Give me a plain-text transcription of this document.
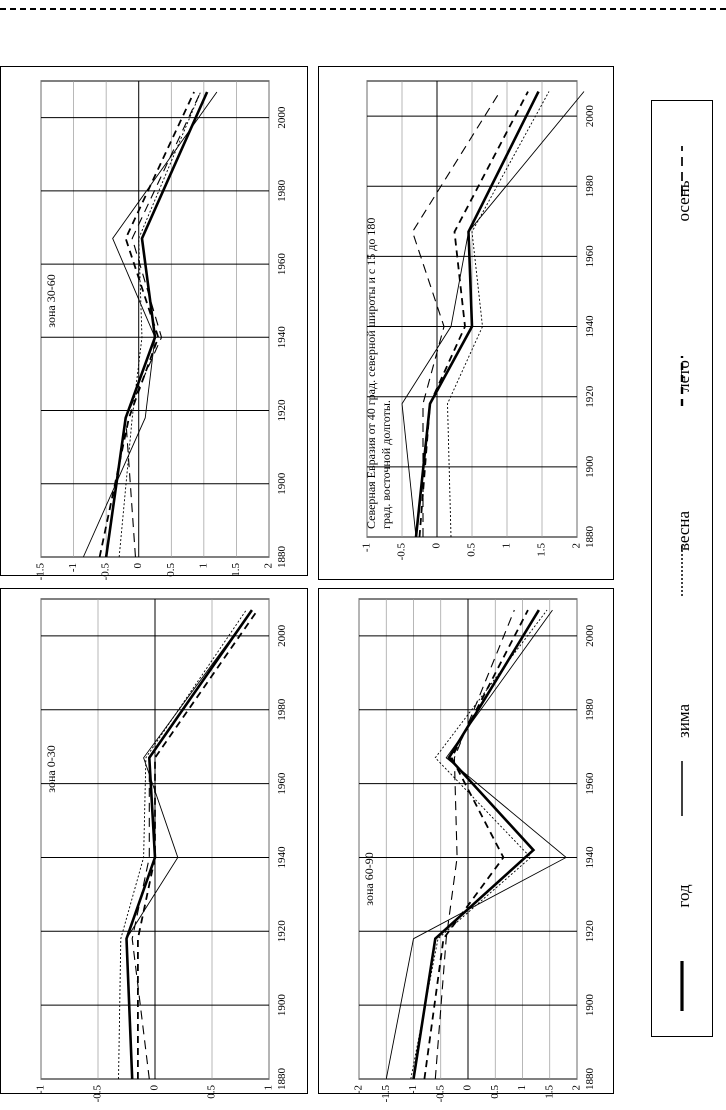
-1	-0.5	0	0.5	1 1880
1900
1920
1940
1960
1980
2000
зона 0-30
-1.5 -1 -0.5 0 0.5 1 1.5 2 1880
1900
1920
1940
1960
1980
2000
зона 30-60
-2 -1.5 -1 -0.5 0 0.5 1 1.5 2 1880
1900
1920
1940
1960
1980
2000
зона 60-90
-1 -0.5 0 0.5 1 1.5 2 1880
1900
1920
1940
1960
1980
2000
Северная Евразия от 40 град. северной широты и с 15 до 180 град. восточной долготы.
год
зима
весна
лето
осень
